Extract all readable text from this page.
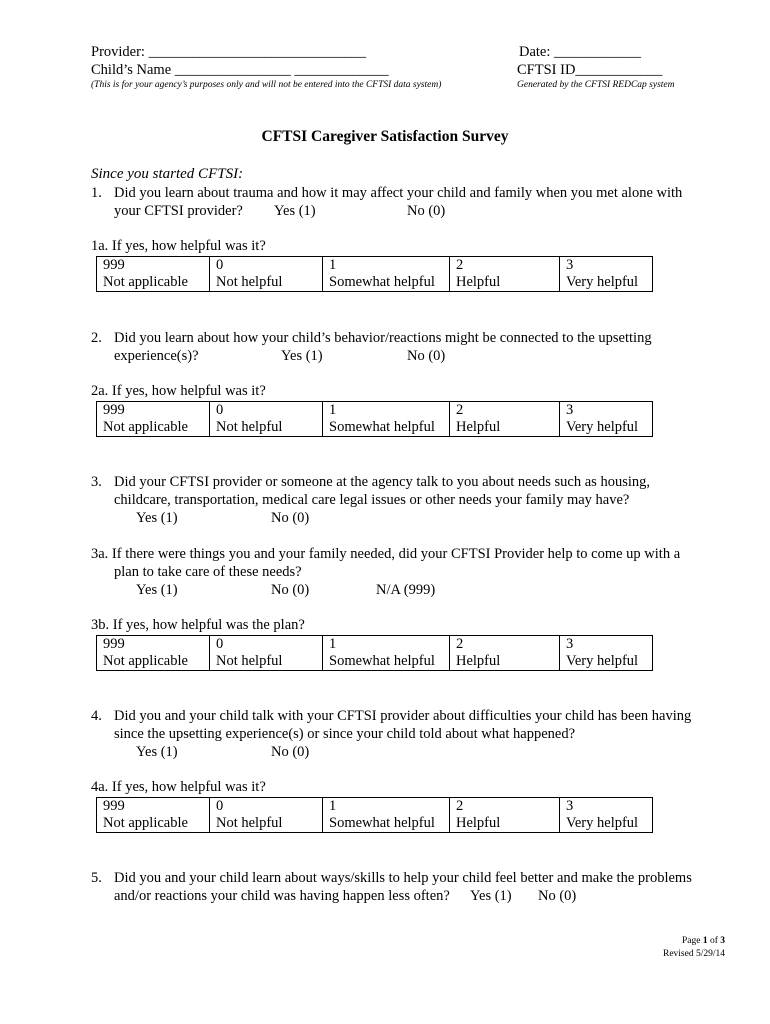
Provider: ______________________________	Date: ____________
Child’s Name ________________ _____________	CFTSI ID____________
(This is for your agency’s purposes only and will not be entered into the CFTSI data system)	Generated by the CFTSI REDCap system
CFTSI Caregiver Satisfaction Survey
Since you started CFTSI:
1. Did you learn about trauma and how it may affect your child and family when you met alone with
your CFTSI provider? Yes (1)	No (0)
1a. If yes, how helpful was it?
999
Not applicable

0
Not helpful

1
Somewhat helpful

2
Helpful

3
Very helpful
2. Did you learn about how your child’s behavior/reactions might be connected to the upsetting
experience(s)?	Yes (1)	No (0)
2a. If yes, how helpful was it?
999
Not applicable

0
Not helpful

1
Somewhat helpful

2
Helpful

3
Very helpful
3. Did your CFTSI provider or someone at the agency talk to you about needs such as housing,
childcare, transportation, medical care legal issues or other needs your family may have?
Yes (1)	No (0)
3a. If there were things you and your family needed, did your CFTSI Provider help to come up with a
plan to take care of these needs?
Yes (1)	No (0)	N/A (999)
3b. If yes, how helpful was the plan?
999
Not applicable

0
Not helpful

1
Somewhat helpful

2
Helpful

3
Very helpful
4. Did you and your child talk with your CFTSI provider about difficulties your child has been having
since the upsetting experience(s) or since your child told about what happened?
Yes (1)	No (0)
4a. If yes, how helpful was it?
999
Not applicable

0
Not helpful

1
Somewhat helpful

2
Helpful

3
Very helpful
5. Did you and your child learn about ways/skills to help your child feel better and make the problems
and/or reactions your child was having happen less often? Yes (1) No (0)
Page 1 of 3
Revised 5/29/14
